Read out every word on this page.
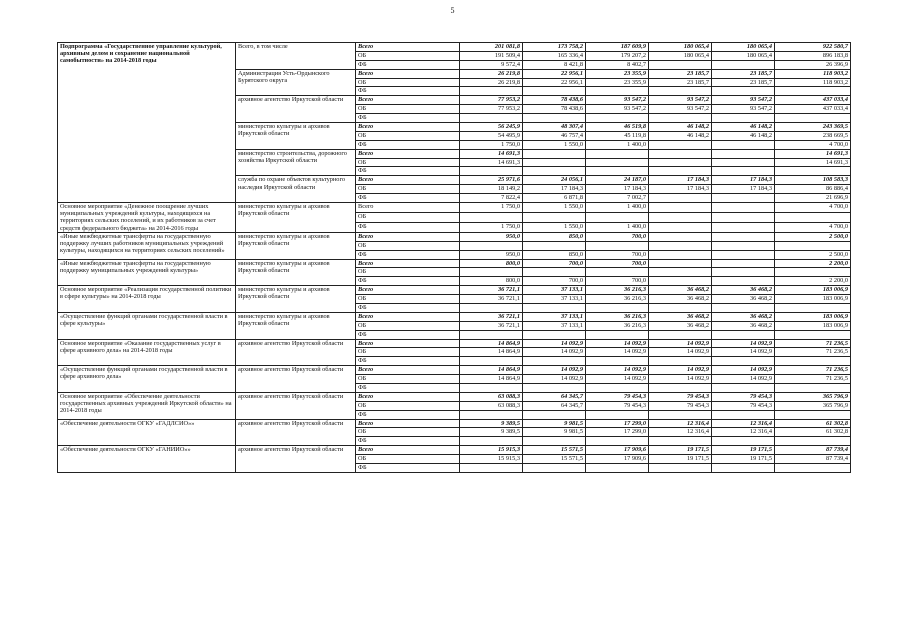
5
Подпрограмма «Государственное управление культурой, архивным делом и сохранение национальной самобытности» на 2014-2018 годы	Всего, в том числе	Всего	201 081,8	173 758,2	187 609,9	180 065,4	180 065,4	922 580,7
		ОБ	191 509,4	165 336,4	179 207,2	180 065,4	180 065,4	896 183,8
		ФБ	9 572,4	8 421,8	8 402,7			26 396,9
	Администрация Усть-Ордынского Бурятского округа	Всего	26 219,8	22 956,1	23 355,9	23 185,7	23 185,7	118 903,2
		ОБ	26 219,8	22 956,1	23 355,9	23 185,7	23 185,7	118 903,2
		ФБ						
	архивное агентство Иркутской области	Всего	77 953,2	78 438,6	93 547,2	93 547,2	93 547,2	437 033,4
		ОБ	77 953,2	78 438,6	93 547,2	93 547,2	93 547,2	437 033,4
		ФБ						
	министерство культуры и архивов Иркутской области	Всего	56 245,9	48 307,4	46 519,8	46 148,2	46 148,2	243 369,5
		ОБ	54 495,9	46 757,4	45 119,8	46 148,2	46 148,2	238 669,5
		ФБ	1 750,0	1 550,0	1 400,0			4 700,0
	министерство строительства, дорожного хозяйства Иркутской области	Всего	14 691,3					14 691,3
		ОБ	14 691,3					14 691,3
		ФБ						
	служба по охране объектов культурного наследия Иркутской области	Всего	25 971,6	24 056,1	24 187,0	17 184,3	17 184,3	108 583,3
		ОБ	18 149,2	17 184,3	17 184,3	17 184,3	17 184,3	86 886,4
		ФБ	7 822,4	6 871,8	7 002,7			21 696,9
Основное мероприятие «Денежное поощрение лучших муниципальных учреждений культуры, находящихся на территориях сельских поселений, и их работников за счет средств федерального бюджета» на 2014-2016 годы	министерство культуры и архивов Иркутской области	Всего	1 750,0	1 550,0	1 400,0			4 700,0
		ОБ						
		ФБ	1 750,0	1 550,0	1 400,0			4 700,0
«Иные межбюджетные трансферты на государственную поддержку лучших работников муниципальных учреждений культуры, находящихся на территориях сельских поселений»	министерство культуры и архивов Иркутской области	Всего	950,0	850,0	700,0			2 500,0
		ОБ						
		ФБ	950,0	850,0	700,0			2 500,0
«Иные межбюджетные трансферты на государственную поддержку муниципальных учреждений культуры»	министерство культуры и архивов Иркутской области	Всего	800,0	700,0	700,0			2 200,0
		ОБ						
		ФБ	800,0	700,0	700,0			2 200,0
Основное мероприятие «Реализация государственной политики в сфере культуры» на 2014-2018 годы	министерство культуры и архивов Иркутской области	Всего	36 721,1	37 133,1	36 216,3	36 468,2	36 468,2	183 006,9
		ОБ	36 721,1	37 133,1	36 216,3	36 468,2	36 468,2	183 006,9
		ФБ						
«Осуществление функций органами государственной власти в сфере культуры»	министерство культуры и архивов Иркутской области	Всего	36 721,1	37 133,1	36 216,3	36 468,2	36 468,2	183 006,9
		ОБ	36 721,1	37 133,1	36 216,3	36 468,2	36 468,2	183 006,9
		ФБ						
Основное мероприятие «Оказание государственных услуг в сфере архивного дела» на 2014-2018 годы	архивное агентство Иркутской области	Всего	14 864,9	14 092,9	14 092,9	14 092,9	14 092,9	71 236,5
		ОБ	14 864,9	14 092,9	14 092,9	14 092,9	14 092,9	71 236,5
		ФБ						
«Осуществление функций органами государственной власти в сфере архивного дела»	архивное агентство Иркутской области	Всего	14 864,9	14 092,9	14 092,9	14 092,9	14 092,9	71 236,5
		ОБ	14 864,9	14 092,9	14 092,9	14 092,9	14 092,9	71 236,5
		ФБ						
Основное мероприятие «Обеспечение деятельности государственных архивных учреждений Иркутской области» на 2014-2018 годы	архивное агентство Иркутской области	Всего	63 088,3	64 345,7	79 454,3	79 454,3	79 454,3	365 796,9
		ОБ	63 088,3	64 345,7	79 454,3	79 454,3	79 454,3	365 796,9
		ФБ						
«Обеспечение деятельности ОГКУ «ГАДЛСИО»»	архивное агентство Иркутской области	Всего	9 389,5	9 981,5	17 299,0	12 316,4	12 316,4	61 302,8
		ОБ	9 389,5	9 981,5	17 299,0	12 316,4	12 316,4	61 302,8
		ФБ						
«Обеспечение деятельности ОГКУ «ГАНИИО»»	архивное агентство Иркутской области	Всего	15 915,3	15 571,5	17 909,6	19 171,5	19 171,5	87 739,4
		ОБ	15 915,3	15 571,5	17 909,6	19 171,5	19 171,5	87 739,4
		ФБ						
